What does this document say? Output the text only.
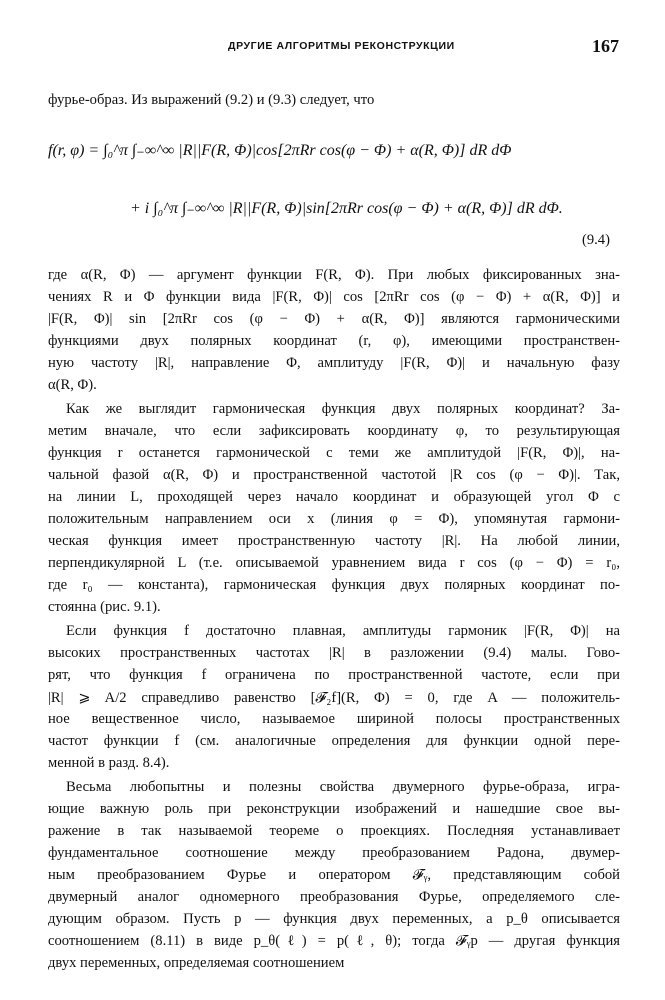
ДРУГИЕ АЛГОРИТМЫ РЕКОНСТРУКЦИИ	167
фурье-образ. Из выражений (9.2) и (9.3) следует, что
f(r, φ) = ∫₀^π ∫₋∞^∞ |R||F(R, Φ)|cos[2πRr cos(φ − Φ) + α(R, Φ)] dR dΦ
+ i ∫₀^π ∫₋∞^∞ |R||F(R, Φ)|sin[2πRr cos(φ − Φ) + α(R, Φ)] dR dΦ.
(9.4)
где α(R, Φ) — аргумент функции F(R, Φ). При любых фиксированных зна-
чениях R и Φ функции вида |F(R, Φ)| cos [2πRr cos (φ − Φ) + α(R, Φ)] и
|F(R, Φ)| sin [2πRr cos (φ − Φ) + α(R, Φ)] являются гармоническими
функциями двух полярных координат (r, φ), имеющими пространствен-
ную частоту |R|, направление Φ, амплитуду |F(R, Φ)| и начальную фазу
α(R, Φ).
Как же выглядит гармоническая функция двух полярных координат? За-
метим вначале, что если зафиксировать координату φ, то результирующая
функция r останется гармонической с теми же амплитудой |F(R, Φ)|, на-
чальной фазой α(R, Φ) и пространственной частотой |R cos (φ − Φ)|. Так,
на линии L, проходящей через начало координат и образующей угол Φ с
положительным направлением оси x (линия φ = Φ), упомянутая гармони-
ческая функция имеет пространственную частоту |R|. На любой линии,
перпендикулярной L (т.е. описываемой уравнением вида r cos (φ − Φ) = r₀,
где r₀ — константа), гармоническая функция двух полярных координат по-
стоянна (рис. 9.1).
Если функция f достаточно плавная, амплитуды гармоник |F(R, Φ)| на
высоких пространственных частотах |R| в разложении (9.4) малы. Гово-
рят, что функция f ограничена по пространственной частоте, если при
|R| ⩾ A/2 справедливо равенство [𝓕₂f](R, Φ) = 0, где A — положитель-
ное вещественное число, называемое шириной полосы пространственных
частот функции f (см. аналогичные определения для функции одной пере-
менной в разд. 8.4).
Весьма любопытны и полезны свойства двумерного фурье-образа, игра-
ющие важную роль при реконструкции изображений и нашедшие свое вы-
ражение в так называемой теореме о проекциях. Последняя устанавливает
фундаментальное соотношение между преобразованием Радона, двумер-
ным преобразованием Фурье и оператором 𝓕ᵧ, представляющим собой
двумерный аналог одномерного преобразования Фурье, определяемого сле-
дующим образом. Пусть p — функция двух переменных, а p_θ описывается
соотношением (8.11) в виде p_θ(ℓ) = p(ℓ, θ); тогда 𝓕ᵧp — другая функция
двух переменных, определяемая соотношением
